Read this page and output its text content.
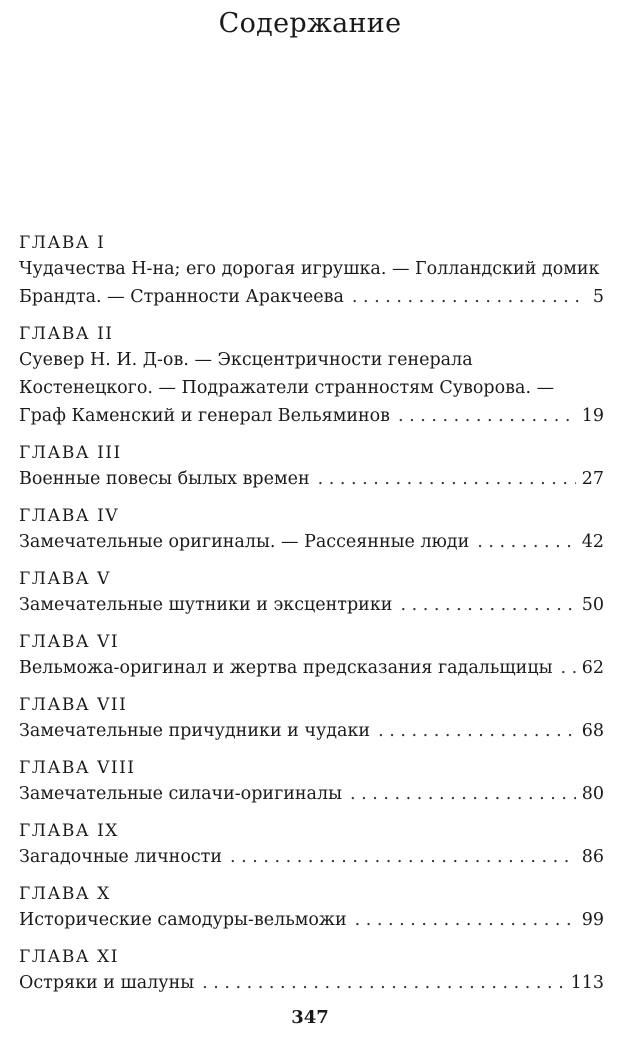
Содержание
ГЛАВА I
Чудачества Н-на; его дорогая игрушка. — Голландский домик
Брандта. — Странности Аракчеева . . .	5
ГЛАВА II
Суевер Н. И. Д-ов. — Эксцентричности генерала
Костенецкого. — Подражатели странностям Суворова. —
Граф Каменский и генерал Вельяминов . . .	19
ГЛАВА III
Военные повесы былых времен . . .	27
ГЛАВА IV
Замечательные оригиналы. — Рассеянные люди . . .	42
ГЛАВА V
Замечательные шутники и эксцентрики . . .	50
ГЛАВА VI
Вельможа-оригинал и жертва предсказания гадальщицы . . . 62
ГЛАВА VII
Замечательные причудники и чудаки . . .	68
ГЛАВА VIII
Замечательные силачи-оригиналы . . .	80
ГЛАВА IX
Загадочные личности . . .	86
ГЛАВА X
Исторические самодуры-вельможи . . .	99
ГЛАВА XI
Остряки и шалуны . . .	113
347
